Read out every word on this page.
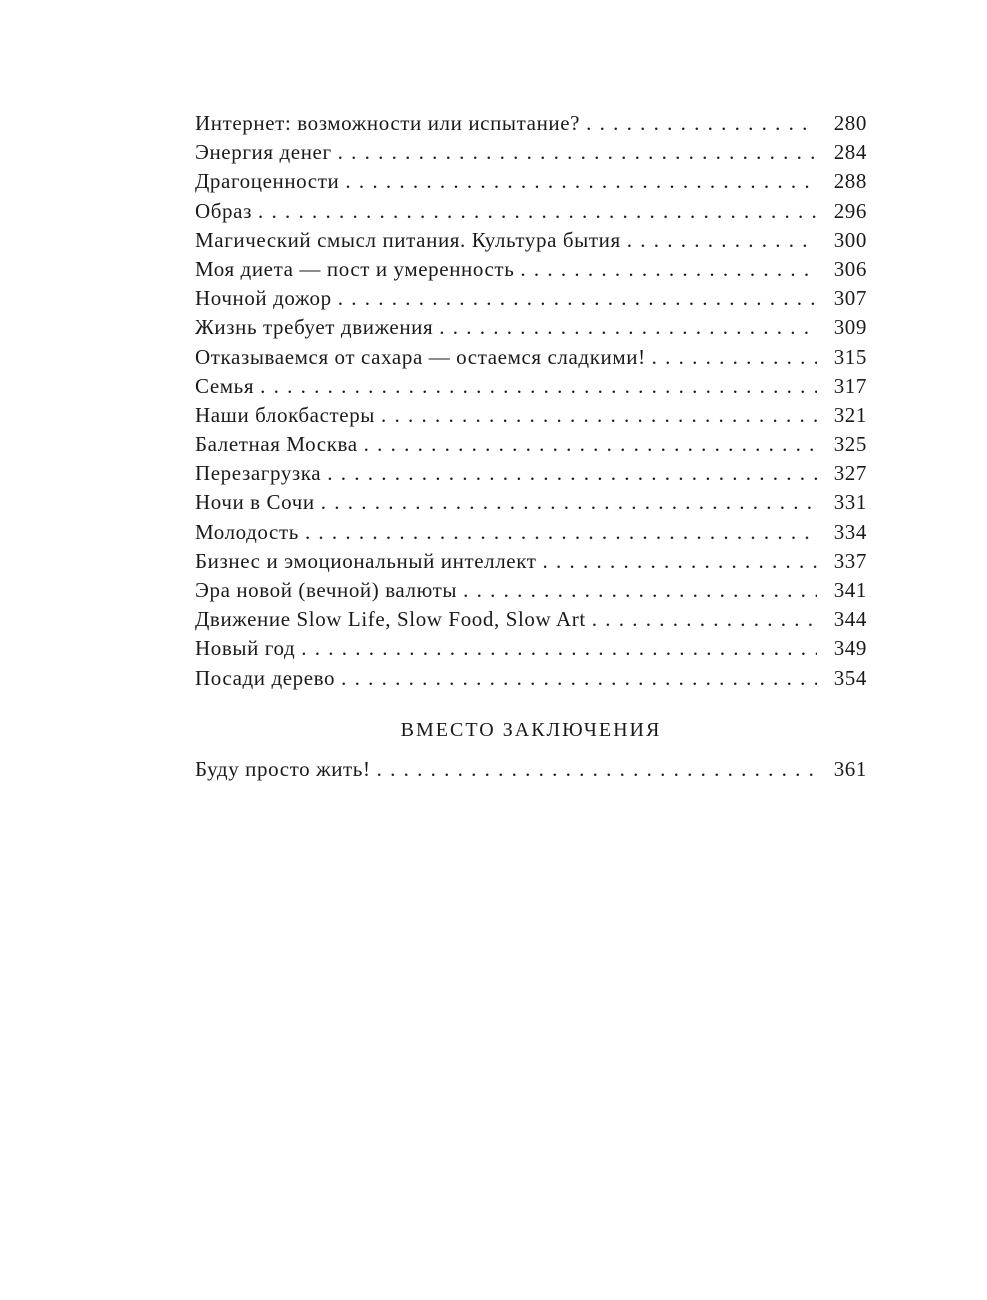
Интернет: возможности или испытание? . . .	280
Энергия денег . . .	284
Драгоценности . . .	288
Образ . . .	296
Магический смысл питания. Культура бытия . . .	300
Моя диета — пост и умеренность . . .	306
Ночной дожор . . .	307
Жизнь требует движения . . .	309
Отказываемся от сахара — остаемся сладкими! . . .	315
Семья . . .	317
Наши блокбастеры . . .	321
Балетная Москва . . .	325
Перезагрузка . . .	327
Ночи в Сочи . . .	331
Молодость . . .	334
Бизнес и эмоциональный интеллект . . .	337
Эра новой (вечной) валюты . . .	341
Движение Slow Life, Slow Food, Slow Art . . .	344
Новый год . . .	349
Посади дерево . . .	354
ВМЕСТО ЗАКЛЮЧЕНИЯ
Буду просто жить! . . .	361
